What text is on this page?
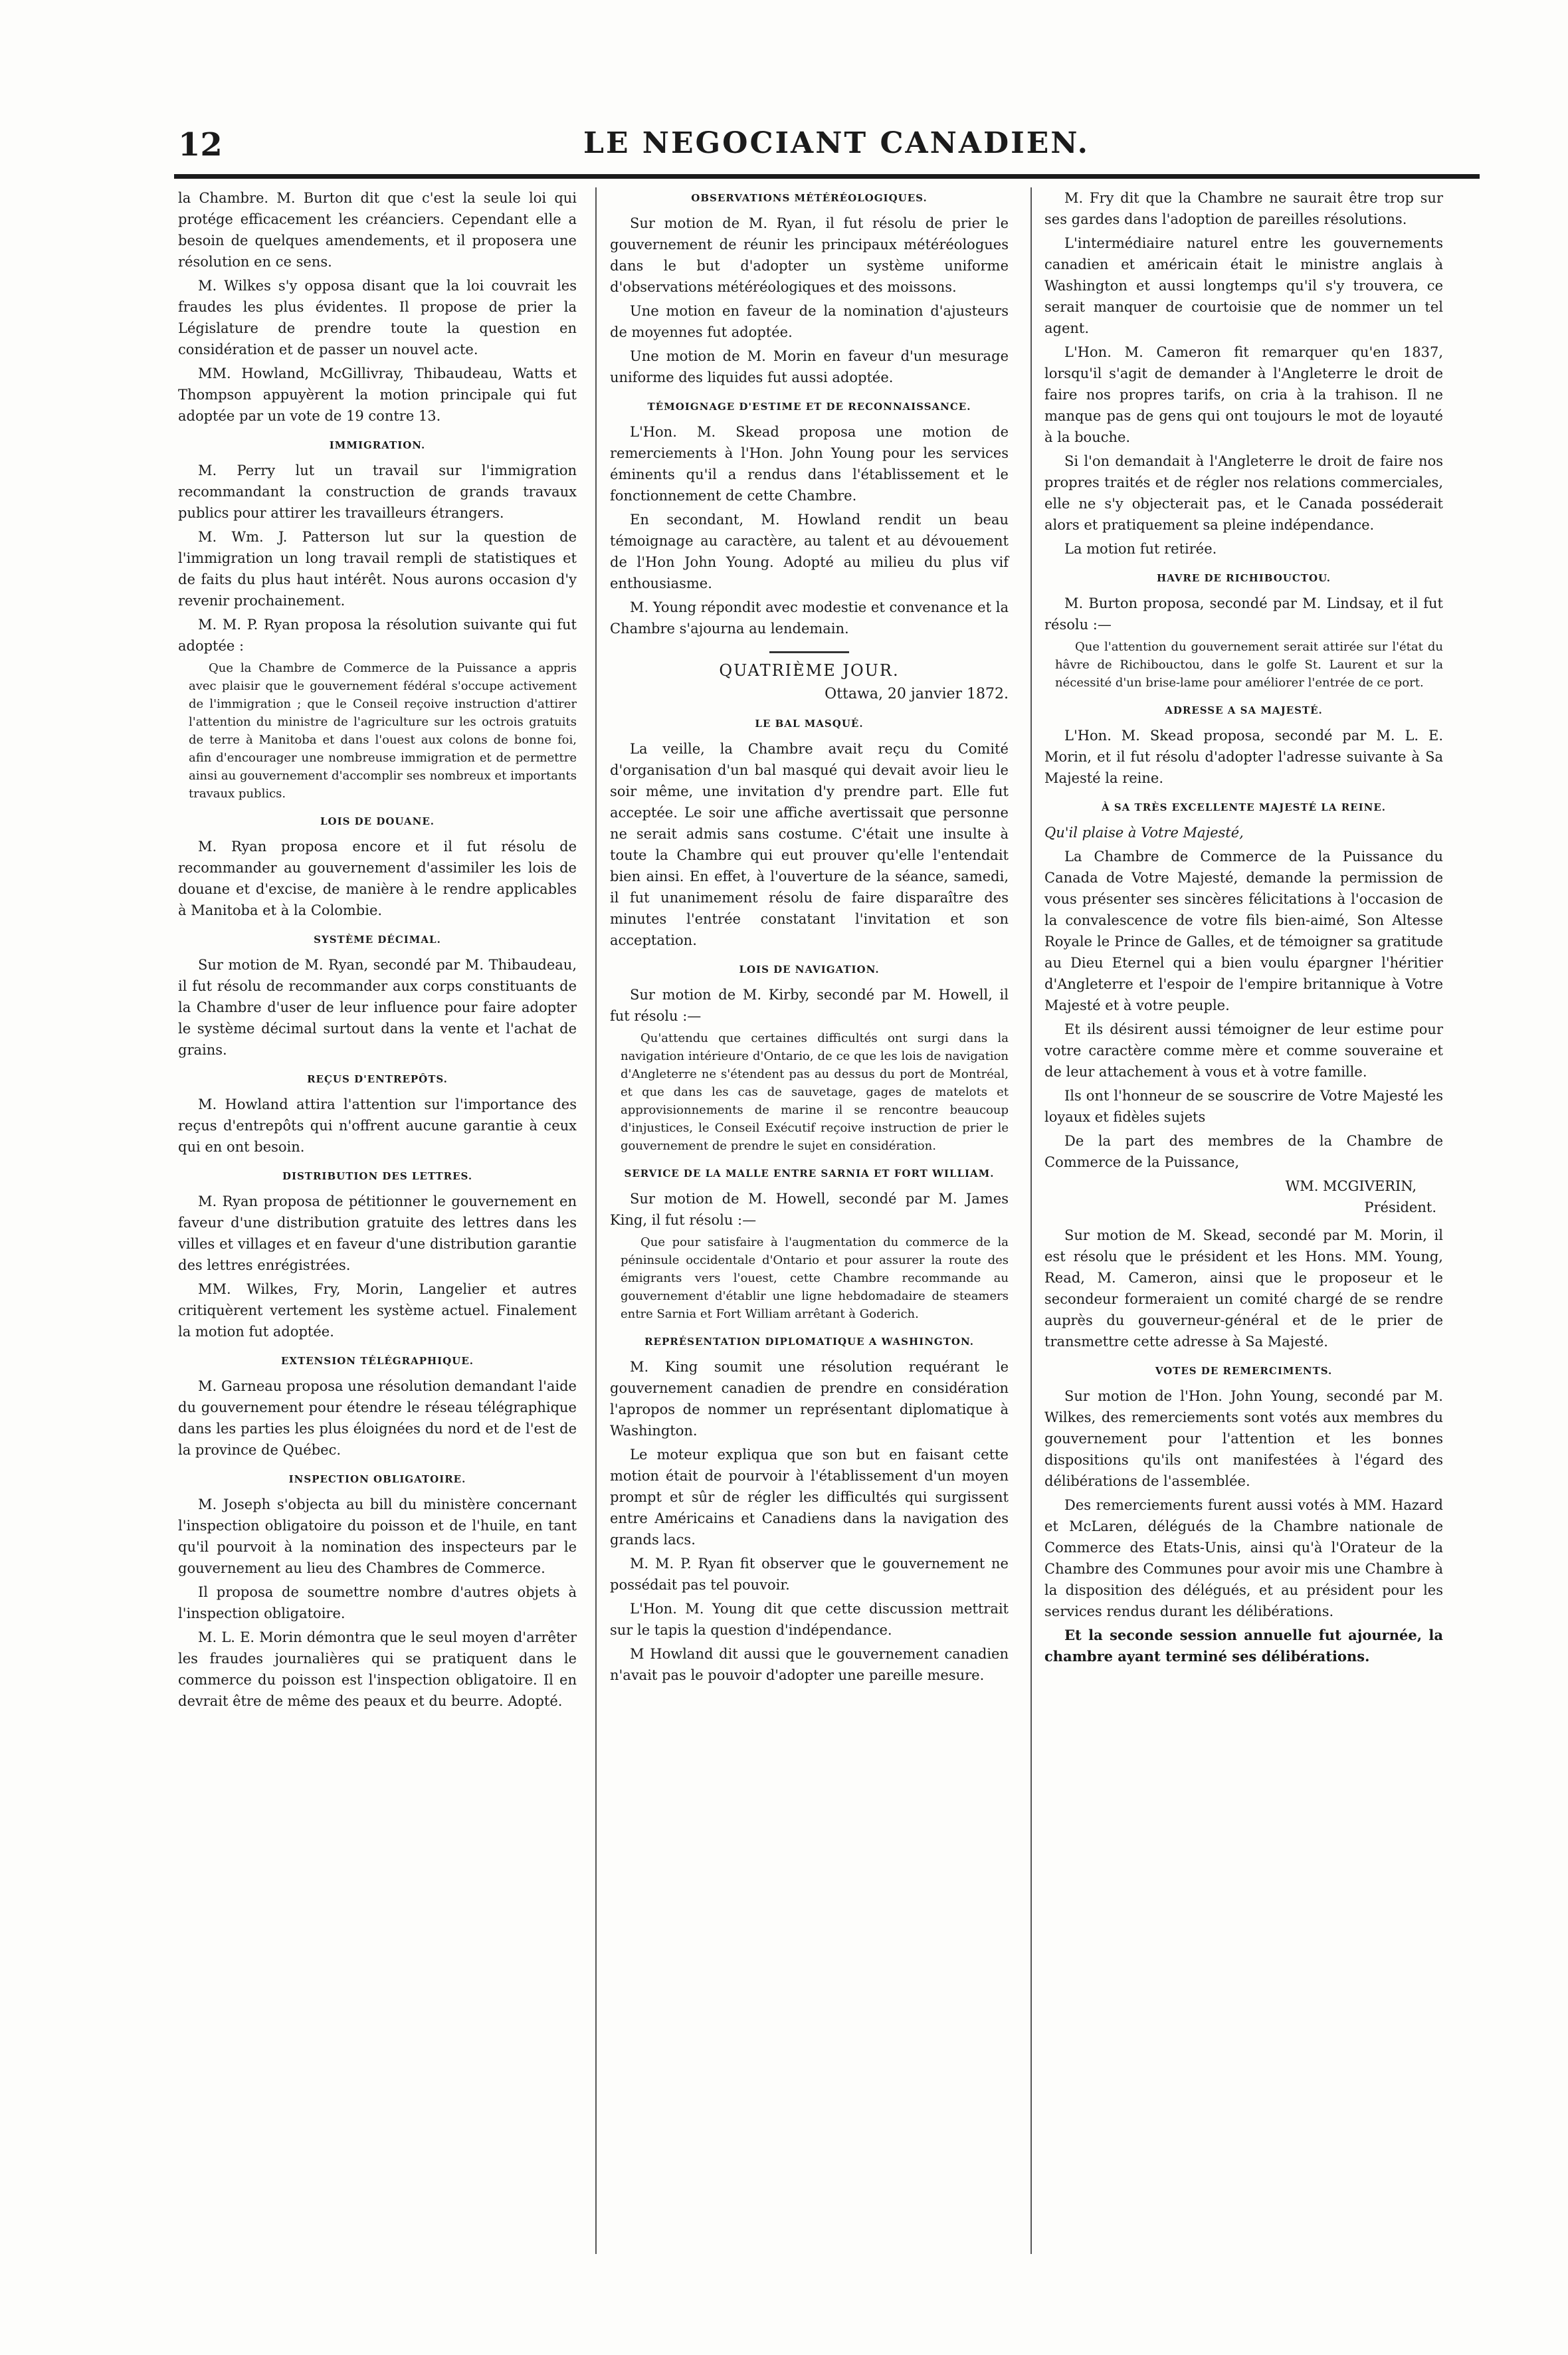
12	LE NEGOCIANT CANADIEN.

la Chambre. M. Burton dit que c'est la seule loi qui protége efficacement les créanciers. Cependant elle a besoin de quelques amendements, et il proposera une résolution en ce sens.

M. Wilkes s'y opposa disant que la loi couvrait les fraudes les plus évidentes. Il propose de prier la Législature de prendre toute la question en considération et de passer un nouvel acte.

MM. Howland, McGillivray, Thibaudeau, Watts et Thompson appuyèrent la motion principale qui fut adoptée par un vote de 19 contre 13.

IMMIGRATION.

M. Perry lut un travail sur l'immigration recommandant la construction de grands travaux publics pour attirer les travailleurs étrangers.

M. Wm. J. Patterson lut sur la question de l'immigration un long travail rempli de statistiques et de faits du plus haut intérêt. Nous aurons occasion d'y revenir prochainement.

M. M. P. Ryan proposa la résolution suivante qui fut adoptée :

Que la Chambre de Commerce de la Puissance a appris avec plaisir que le gouvernement fédéral s'occupe activement de l'immigration ; que le Conseil reçoive instruction d'attirer l'attention du ministre de l'agriculture sur les octrois gratuits de terre à Manitoba et dans l'ouest aux colons de bonne foi, afin d'encourager une nombreuse immigration et de permettre ainsi au gouvernement d'accomplir ses nombreux et importants travaux publics.

LOIS DE DOUANE.

M. Ryan proposa encore et il fut résolu de recommander au gouvernement d'assimiler les lois de douane et d'excise, de manière à le rendre applicables à Manitoba et à la Colombie.

SYSTÈME DÉCIMAL.

Sur motion de M. Ryan, secondé par M. Thibaudeau, il fut résolu de recommander aux corps constituants de la Chambre d'user de leur influence pour faire adopter le système décimal surtout dans la vente et l'achat de grains.

REÇUS D'ENTREPÔTS.

M. Howland attira l'attention sur l'importance des reçus d'entrepôts qui n'offrent aucune garantie à ceux qui en ont besoin.

DISTRIBUTION DES LETTRES.

M. Ryan proposa de pétitionner le gouvernement en faveur d'une distribution gratuite des lettres dans les villes et villages et en faveur d'une distribution garantie des lettres enrégistrées.

MM. Wilkes, Fry, Morin, Langelier et autres critiquèrent vertement les système actuel. Finalement la motion fut adoptée.

EXTENSION TÉLÉGRAPHIQUE.

M. Garneau proposa une résolution demandant l'aide du gouvernement pour étendre le réseau télégraphique dans les parties les plus éloignées du nord et de l'est de la province de Québec.

INSPECTION OBLIGATOIRE.

M. Joseph s'objecta au bill du ministère concernant l'inspection obligatoire du poisson et de l'huile, en tant qu'il pourvoit à la nomination des inspecteurs par le gouvernement au lieu des Chambres de Commerce.

Il proposa de soumettre nombre d'autres objets à l'inspection obligatoire.

M. L. E. Morin démontra que le seul moyen d'arrêter les fraudes journalières qui se pratiquent dans le commerce du poisson est l'inspection obligatoire. Il en devrait être de même des peaux et du beurre. Adopté.

OBSERVATIONS MÉTÉRÉOLOGIQUES.

Sur motion de M. Ryan, il fut résolu de prier le gouvernement de réunir les principaux météréologues dans le but d'adopter un système uniforme d'observations météréologiques et des moissons.

Une motion en faveur de la nomination d'ajusteurs de moyennes fut adoptée.

Une motion de M. Morin en faveur d'un mesurage uniforme des liquides fut aussi adoptée.

TÉMOIGNAGE D'ESTIME ET DE RECONNAISSANCE.

L'Hon. M. Skead proposa une motion de remerciements à l'Hon. John Young pour les services éminents qu'il a rendus dans l'établissement et le fonctionnement de cette Chambre.

En secondant, M. Howland rendit un beau témoignage au caractère, au talent et au dévouement de l'Hon John Young. Adopté au milieu du plus vif enthousiasme.

M. Young répondit avec modestie et convenance et la Chambre s'ajourna au lendemain.

QUATRIÈME JOUR.
Ottawa, 20 janvier 1872.
LE BAL MASQUÉ.

La veille, la Chambre avait reçu du Comité d'organisation d'un bal masqué qui devait avoir lieu le soir même, une invitation d'y prendre part. Elle fut acceptée. Le soir une affiche avertissait que personne ne serait admis sans costume. C'était une insulte à toute la Chambre qui eut prouver qu'elle l'entendait bien ainsi. En effet, à l'ouverture de la séance, samedi, il fut unanimement résolu de faire disparaître des minutes l'entrée constatant l'invitation et son acceptation.

LOIS DE NAVIGATION.

Sur motion de M. Kirby, secondé par M. Howell, il fut résolu :—

Qu'attendu que certaines difficultés ont surgi dans la navigation intérieure d'Ontario, de ce que les lois de navigation d'Angleterre ne s'étendent pas au dessus du port de Montréal, et que dans les cas de sauvetage, gages de matelots et approvisionnements de marine il se rencontre beaucoup d'injustices, le Conseil Exécutif reçoive instruction de prier le gouvernement de prendre le sujet en considération.

SERVICE DE LA MALLE ENTRE SARNIA ET FORT WILLIAM.

Sur motion de M. Howell, secondé par M. James King, il fut résolu :—

Que pour satisfaire à l'augmentation du commerce de la péninsule occidentale d'Ontario et pour assurer la route des émigrants vers l'ouest, cette Chambre recommande au gouvernement d'établir une ligne hebdomadaire de steamers entre Sarnia et Fort William arrêtant à Goderich.

REPRÉSENTATION DIPLOMATIQUE A WASHINGTON.

M. King soumit une résolution requérant le gouvernement canadien de prendre en considération l'apropos de nommer un représentant diplomatique à Washington.

Le moteur expliqua que son but en faisant cette motion était de pourvoir à l'établissement d'un moyen prompt et sûr de régler les difficultés qui surgissent entre Américains et Canadiens dans la navigation des grands lacs.

M. M. P. Ryan fit observer que le gouvernement ne possédait pas tel pouvoir.

L'Hon. M. Young dit que cette discussion mettrait sur le tapis la question d'indépendance.

M Howland dit aussi que le gouvernement canadien n'avait pas le pouvoir d'adopter une pareille mesure.

M. Fry dit que la Chambre ne saurait être trop sur ses gardes dans l'adoption de pareilles résolutions.

L'intermédiaire naturel entre les gouvernements canadien et américain était le ministre anglais à Washington et aussi longtemps qu'il s'y trouvera, ce serait manquer de courtoisie que de nommer un tel agent.

L'Hon. M. Cameron fit remarquer qu'en 1837, lorsqu'il s'agit de demander à l'Angleterre le droit de faire nos propres tarifs, on cria à la trahison. Il ne manque pas de gens qui ont toujours le mot de loyauté à la bouche.

Si l'on demandait à l'Angleterre le droit de faire nos propres traités et de régler nos relations commerciales, elle ne s'y objecterait pas, et le Canada posséderait alors et pratiquement sa pleine indépendance.

La motion fut retirée.

HAVRE DE RICHIBOUCTOU.

M. Burton proposa, secondé par M. Lindsay, et il fut résolu :—

Que l'attention du gouvernement serait attirée sur l'état du hâvre de Richibouctou, dans le golfe St. Laurent et sur la nécessité d'un brise-lame pour améliorer l'entrée de ce port.

ADRESSE A SA MAJESTÉ.

L'Hon. M. Skead proposa, secondé par M. L. E. Morin, et il fut résolu d'adopter l'adresse suivante à Sa Majesté la reine.

À SA TRÈS EXCELLENTE MAJESTÉ LA REINE.

Qu'il plaise à Votre Majesté,

La Chambre de Commerce de la Puissance du Canada de Votre Majesté, demande la permission de vous présenter ses sincères félicitations à l'occasion de la convalescence de votre fils bien-aimé, Son Altesse Royale le Prince de Galles, et de témoigner sa gratitude au Dieu Eternel qui a bien voulu épargner l'héritier d'Angleterre et l'espoir de l'empire britannique à Votre Majesté et à votre peuple.

Et ils désirent aussi témoigner de leur estime pour votre caractère comme mère et comme souveraine et de leur attachement à vous et à votre famille.

Ils ont l'honneur de se souscrire de Votre Majesté les loyaux et fidèles sujets

De la part des membres de la Chambre de Commerce de la Puissance,

WM. MCGIVERIN,
Président.

Sur motion de M. Skead, secondé par M. Morin, il est résolu que le président et les Hons. MM. Young, Read, M. Cameron, ainsi que le proposeur et le secondeur formeraient un comité chargé de se rendre auprès du gouverneur-général et de le prier de transmettre cette adresse à Sa Majesté.

VOTES DE REMERCIMENTS.

Sur motion de l'Hon. John Young, secondé par M. Wilkes, des remerciements sont votés aux membres du gouvernement pour l'attention et les bonnes dispositions qu'ils ont manifestées à l'égard des délibérations de l'assemblée.

Des remerciements furent aussi votés à MM. Hazard et McLaren, délégués de la Chambre nationale de Commerce des Etats-Unis, ainsi qu'à l'Orateur de la Chambre des Communes pour avoir mis une Chambre à la disposition des délégués, et au président pour les services rendus durant les délibérations.

Et la seconde session annuelle fut ajournée, la chambre ayant terminé ses délibérations.
